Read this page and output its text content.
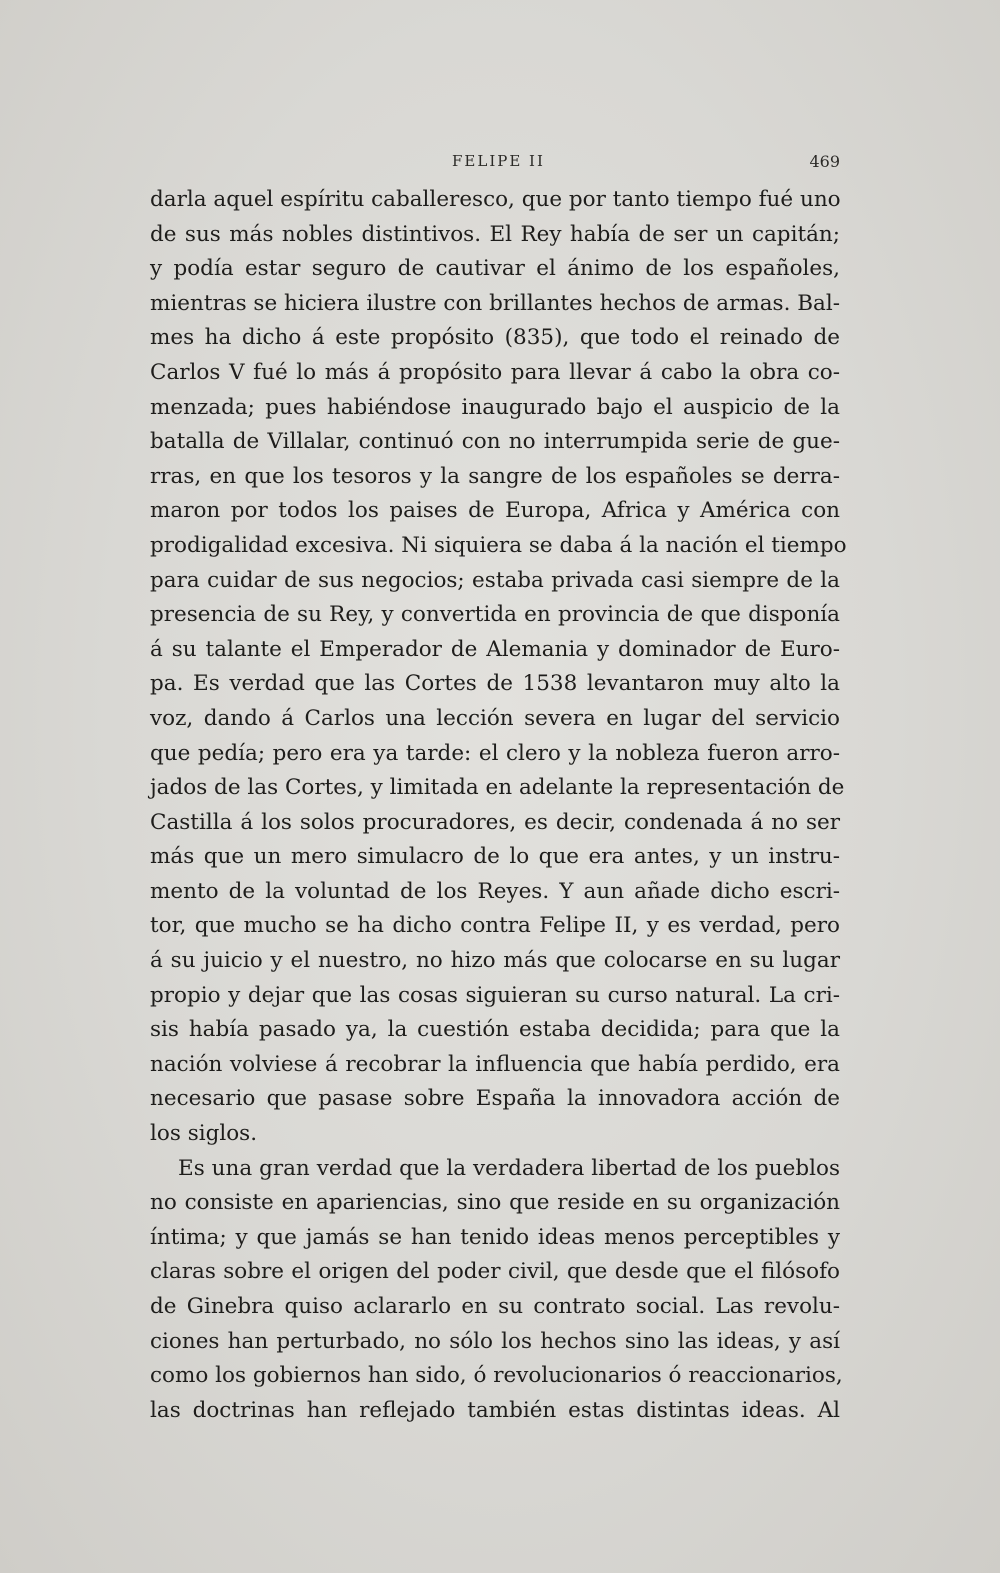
FELIPE II	469
darla aquel espíritu caballeresco, que por tanto tiempo fué uno
de sus más nobles distintivos. El Rey había de ser un capitán;
y podía estar seguro de cautivar el ánimo de los españoles,
mientras se hiciera ilustre con brillantes hechos de armas. Bal-
mes ha dicho á este propósito (835), que todo el reinado de
Carlos V fué lo más á propósito para llevar á cabo la obra co-
menzada; pues habiéndose inaugurado bajo el auspicio de la
batalla de Villalar, continuó con no interrumpida serie de gue-
rras, en que los tesoros y la sangre de los españoles se derra-
maron por todos los paises de Europa, Africa y América con
prodigalidad excesiva. Ni siquiera se daba á la nación el tiempo
para cuidar de sus negocios; estaba privada casi siempre de la
presencia de su Rey, y convertida en provincia de que disponía
á su talante el Emperador de Alemania y dominador de Euro-
pa. Es verdad que las Cortes de 1538 levantaron muy alto la
voz, dando á Carlos una lección severa en lugar del servicio
que pedía; pero era ya tarde: el clero y la nobleza fueron arro-
jados de las Cortes, y limitada en adelante la representación de
Castilla á los solos procuradores, es decir, condenada á no ser
más que un mero simulacro de lo que era antes, y un instru-
mento de la voluntad de los Reyes. Y aun añade dicho escri-
tor, que mucho se ha dicho contra Felipe II, y es verdad, pero
á su juicio y el nuestro, no hizo más que colocarse en su lugar
propio y dejar que las cosas siguieran su curso natural. La cri-
sis había pasado ya, la cuestión estaba decidida; para que la
nación volviese á recobrar la influencia que había perdido, era
necesario que pasase sobre España la innovadora acción de
los siglos.
Es una gran verdad que la verdadera libertad de los pueblos
no consiste en apariencias, sino que reside en su organización
íntima; y que jamás se han tenido ideas menos perceptibles y
claras sobre el origen del poder civil, que desde que el filósofo
de Ginebra quiso aclararlo en su contrato social. Las revolu-
ciones han perturbado, no sólo los hechos sino las ideas, y así
como los gobiernos han sido, ó revolucionarios ó reaccionarios,
las doctrinas han reflejado también estas distintas ideas. Al
